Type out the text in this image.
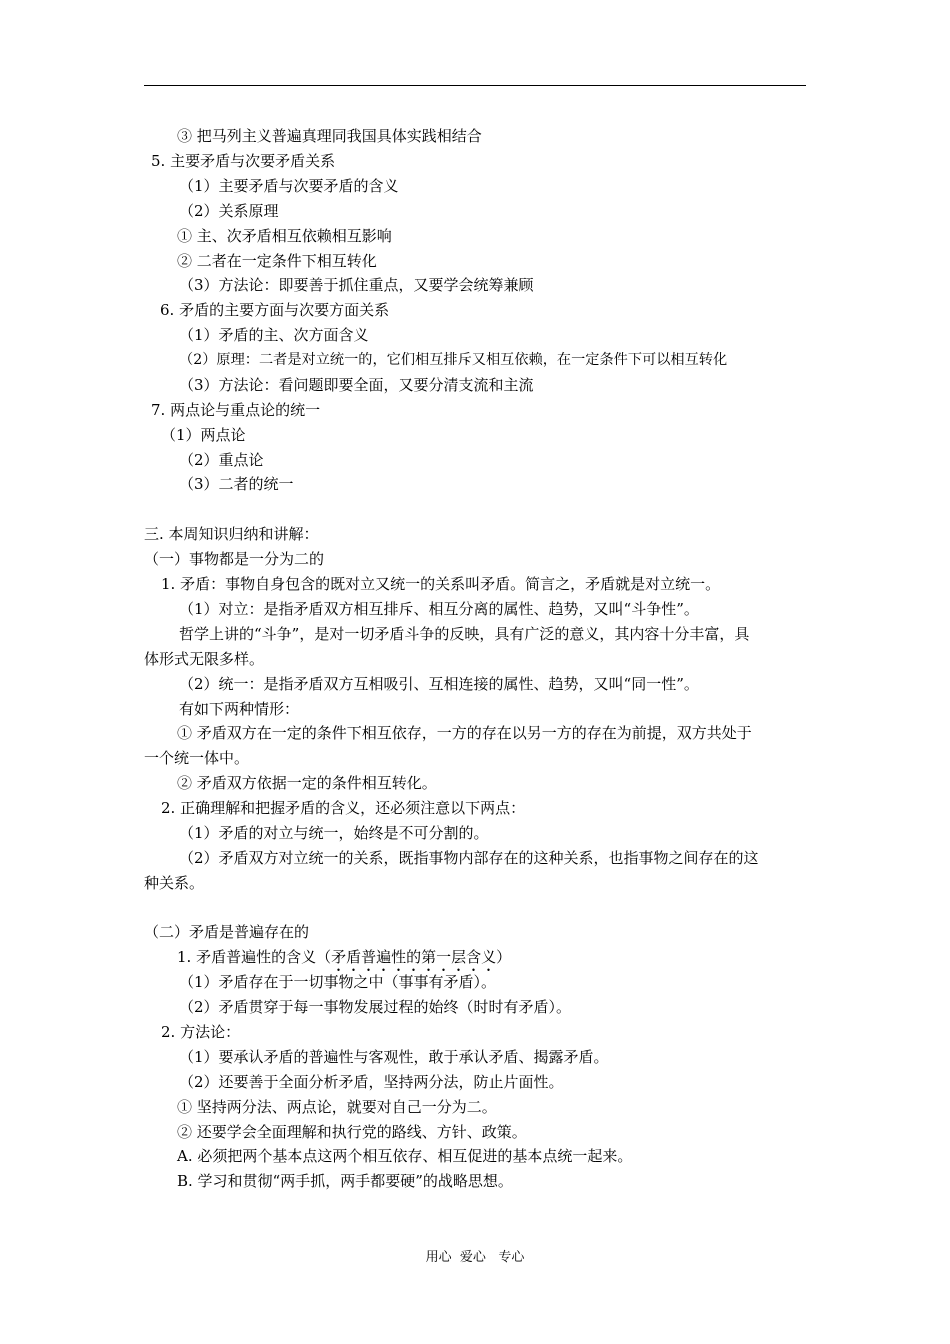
③ 把马列主义普遍真理同我国具体实践相结合
5. 主要矛盾与次要矛盾关系
（1）主要矛盾与次要矛盾的含义
（2）关系原理
① 主、次矛盾相互依赖相互影响
② 二者在一定条件下相互转化
（3）方法论：即要善于抓住重点，又要学会统筹兼顾
6. 矛盾的主要方面与次要方面关系
（1）矛盾的主、次方面含义
（2）原理：二者是对立统一的，它们相互排斥又相互依赖，在一定条件下可以相互转化
（3）方法论：看问题即要全面，又要分清支流和主流
7. 两点论与重点论的统一
（1）两点论
（2）重点论
（3）二者的统一
三. 本周知识归纳和讲解：
（一）事物都是一分为二的
1. 矛盾：事物自身包含的既对立又统一的关系叫矛盾。简言之，矛盾就是对立统一。
（1）对立：是指矛盾双方相互排斥、相互分离的属性、趋势，又叫“斗争性”。
哲学上讲的“斗争”，是对一切矛盾斗争的反映，具有广泛的意义，其内容十分丰富，具
体形式无限多样。
（2）统一：是指矛盾双方互相吸引、互相连接的属性、趋势，又叫“同一性”。
有如下两种情形：
① 矛盾双方在一定的条件下相互依存，一方的存在以另一方的存在为前提，双方共处于
一个统一体中。
② 矛盾双方依据一定的条件相互转化。
2. 正确理解和把握矛盾的含义，还必须注意以下两点：
（1）矛盾的对立与统一，始终是不可分割的。
（2）矛盾双方对立统一的关系，既指事物内部存在的这种关系，也指事物之间存在的这
种关系。
（二）矛盾是普遍存在的
1. 矛盾普遍性的含义（矛盾普遍性的第一层含义）
（1）矛盾存在于一切事物之中（事事有矛盾）。
（2）矛盾贯穿于每一事物发展过程的始终（时时有矛盾）。
2. 方法论：
（1）要承认矛盾的普遍性与客观性，敢于承认矛盾、揭露矛盾。
（2）还要善于全面分析矛盾，坚持两分法，防止片面性。
① 坚持两分法、两点论，就要对自己一分为二。
② 还要学会全面理解和执行党的路线、方针、政策。
A. 必须把两个基本点这两个相互依存、相互促进的基本点统一起来。
B. 学习和贯彻“两手抓，两手都要硬”的战略思想。
用心  爱心   专心
